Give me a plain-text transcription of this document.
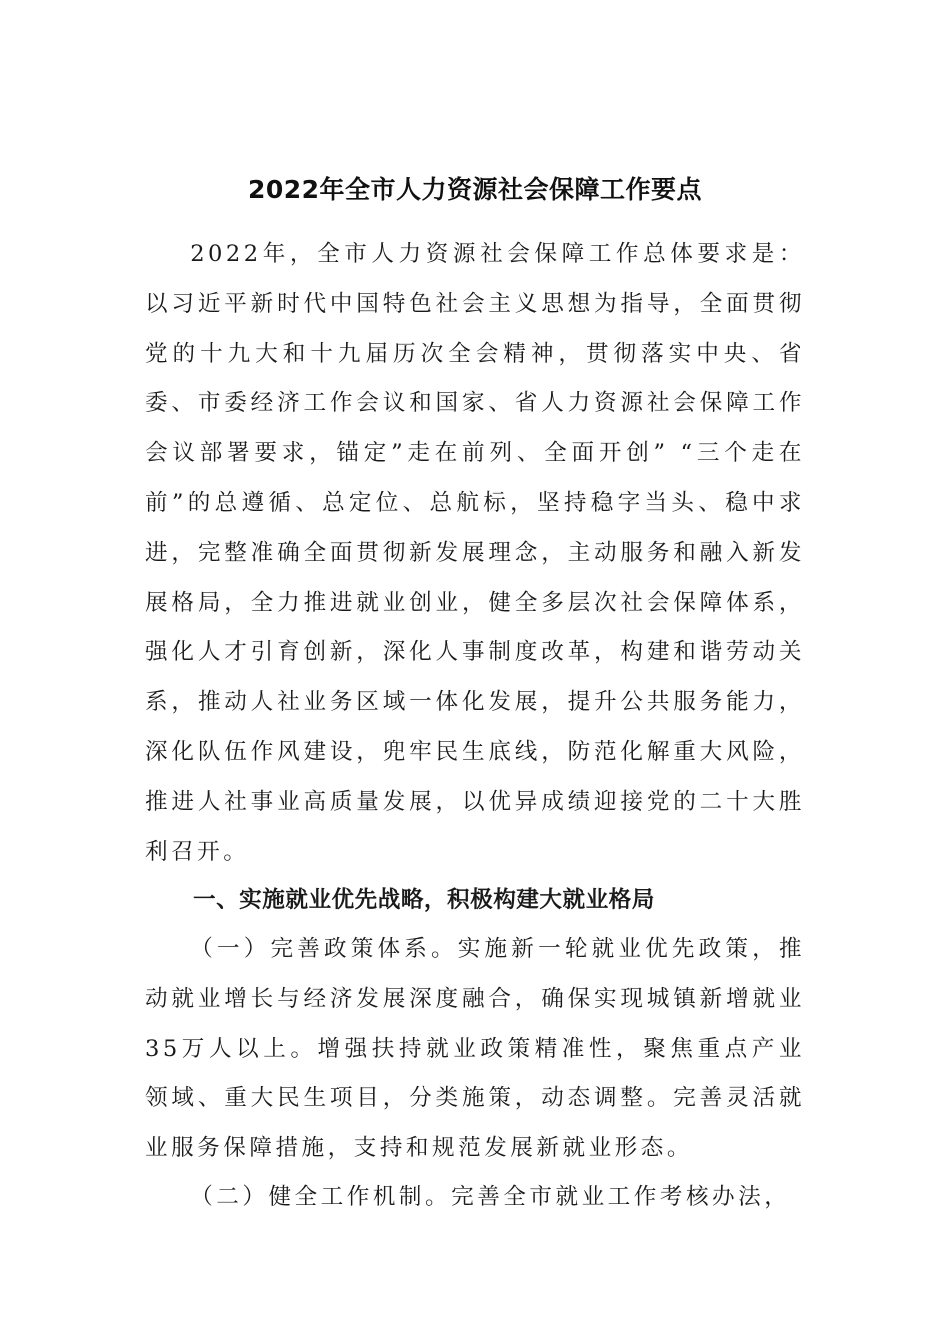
2022年全市人力资源社会保障工作要点

2022年，全市人力资源社会保障工作总体要求是：以习近平新时代中国特色社会主义思想为指导，全面贯彻党的十九大和十九届历次全会精神，贯彻落实中央、省委、市委经济工作会议和国家、省人力资源社会保障工作会议部署要求，锚定”走在前列、全面开创” “三个走在前”的总遵循、总定位、总航标，坚持稳字当头、稳中求进，完整准确全面贯彻新发展理念，主动服务和融入新发展格局，全力推进就业创业，健全多层次社会保障体系，强化人才引育创新，深化人事制度改革，构建和谐劳动关系，推动人社业务区域一体化发展，提升公共服务能力，深化队伍作风建设，兜牢民生底线，防范化解重大风险，推进人社事业高质量发展，以优异成绩迎接党的二十大胜利召开。

一、实施就业优先战略，积极构建大就业格局

（一）完善政策体系。实施新一轮就业优先政策，推动就业增长与经济发展深度融合，确保实现城镇新增就业35万人以上。增强扶持就业政策精准性，聚焦重点产业领域、重大民生项目，分类施策，动态调整。完善灵活就业服务保障措施，支持和规范发展新就业形态。

（二）健全工作机制。完善全市就业工作考核办法，
